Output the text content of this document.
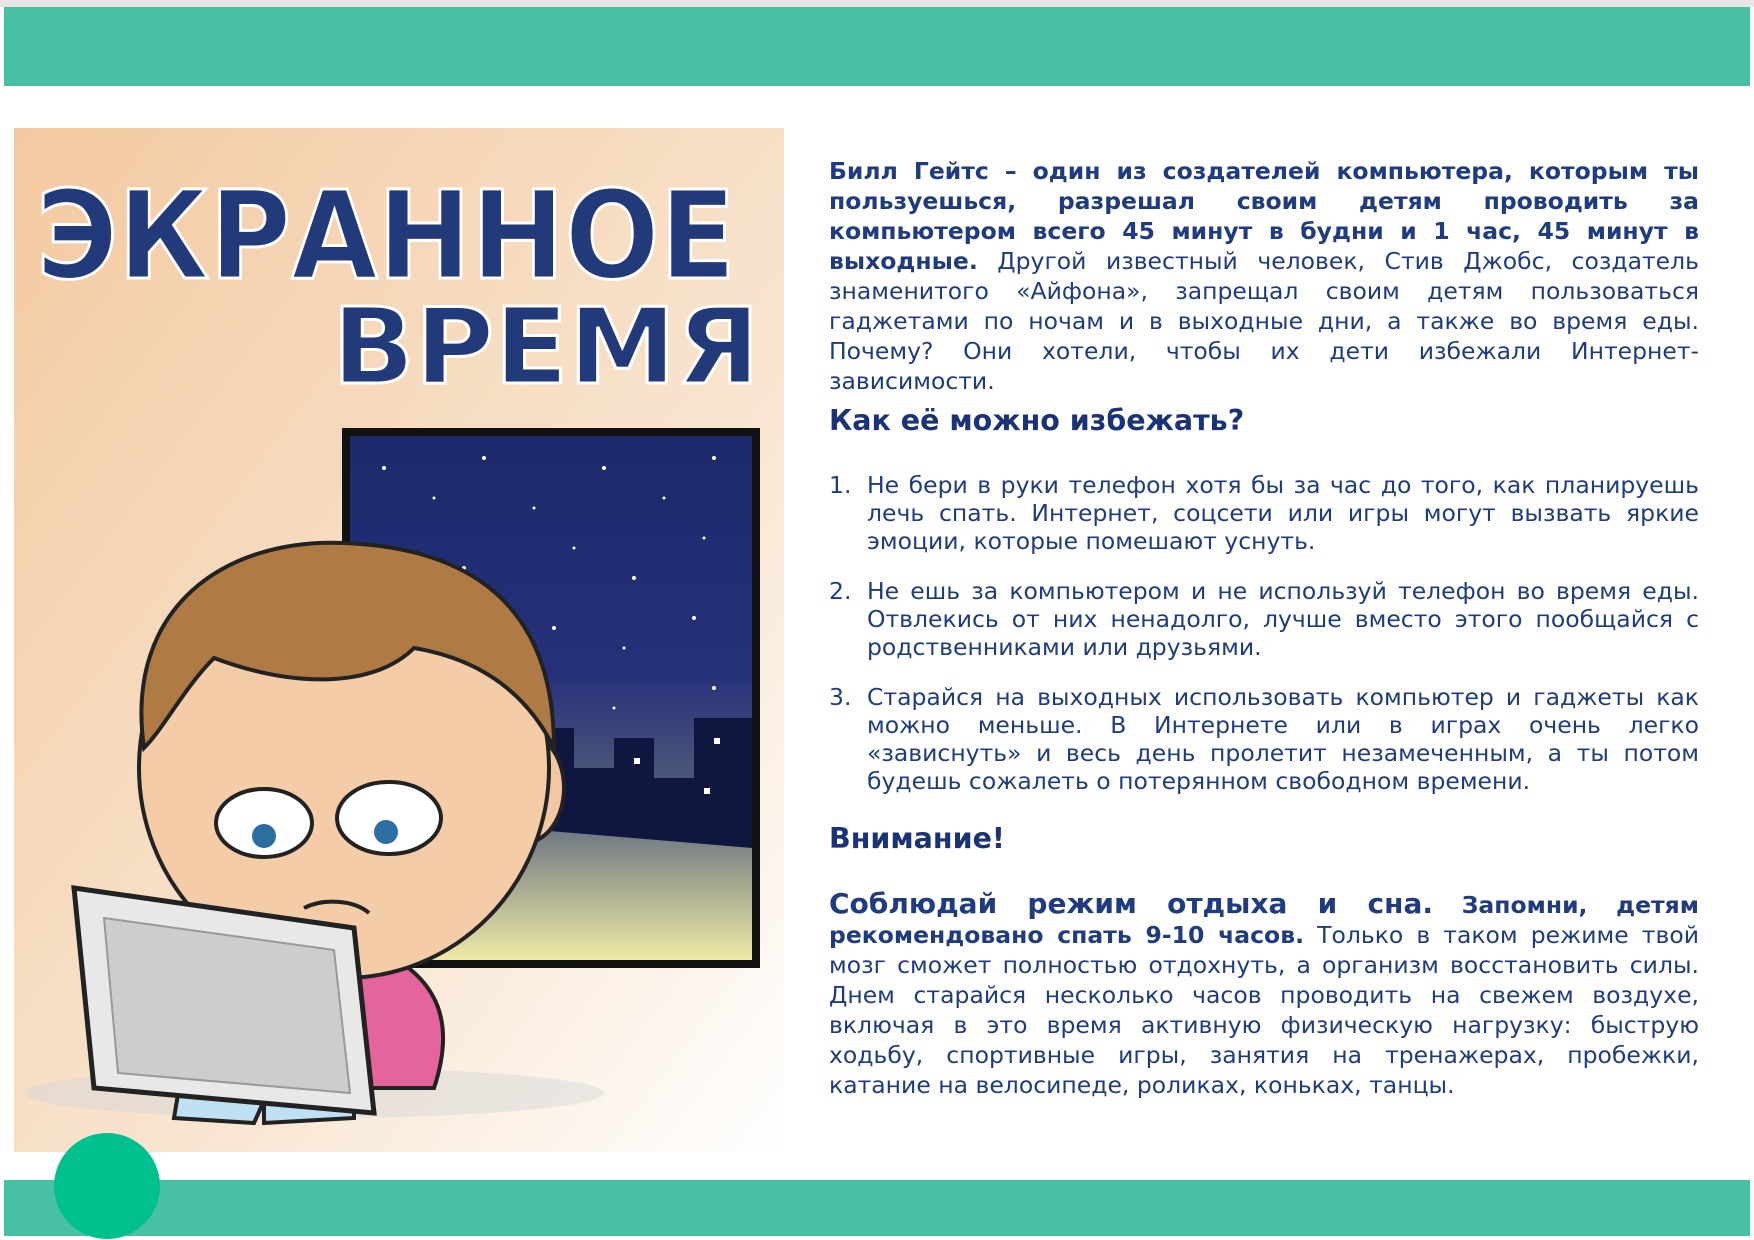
ЭКРАННОЕ
ВРЕМЯ

Билл Гейтс – один из создателей компьютера, которым ты пользуешься, разрешал своим детям проводить за компьютером всего 45 минут в будни и 1 час, 45 минут в выходные. Другой известный человек, Стив Джобс, создатель знаменитого «Айфона», запрещал своим детям пользоваться гаджетами по ночам и в выходные дни, а также во время еды. Почему? Они хотели, чтобы их дети избежали Интернет-зависимости.

Как её можно избежать?
1. Не бери в руки телефон хотя бы за час до того, как планируешь лечь спать. Интернет, соцсети или игры могут вызвать яркие эмоции, которые помешают уснуть.
2. Не ешь за компьютером и не используй телефон во время еды. Отвлекись от них ненадолго, лучше вместо этого пообщайся с родственниками или друзьями.
3. Старайся на выходных использовать компьютер и гаджеты как можно меньше. В Интернете или в играх очень легко «зависнуть» и весь день пролетит незамеченным, а ты потом будешь сожалеть о потерянном свободном времени.
Внимание!

Соблюдай режим отдыха и сна. Запомни, детям рекомендовано спать 9-10 часов. Только в таком режиме твой мозг сможет полностью отдохнуть, а организм восстановить силы. Днем старайся несколько часов проводить на свежем воздухе, включая в это время активную физическую нагрузку: быструю ходьбу, спортивные игры, занятия на тренажерах, пробежки, катание на велосипеде, роликах, коньках, танцы.
